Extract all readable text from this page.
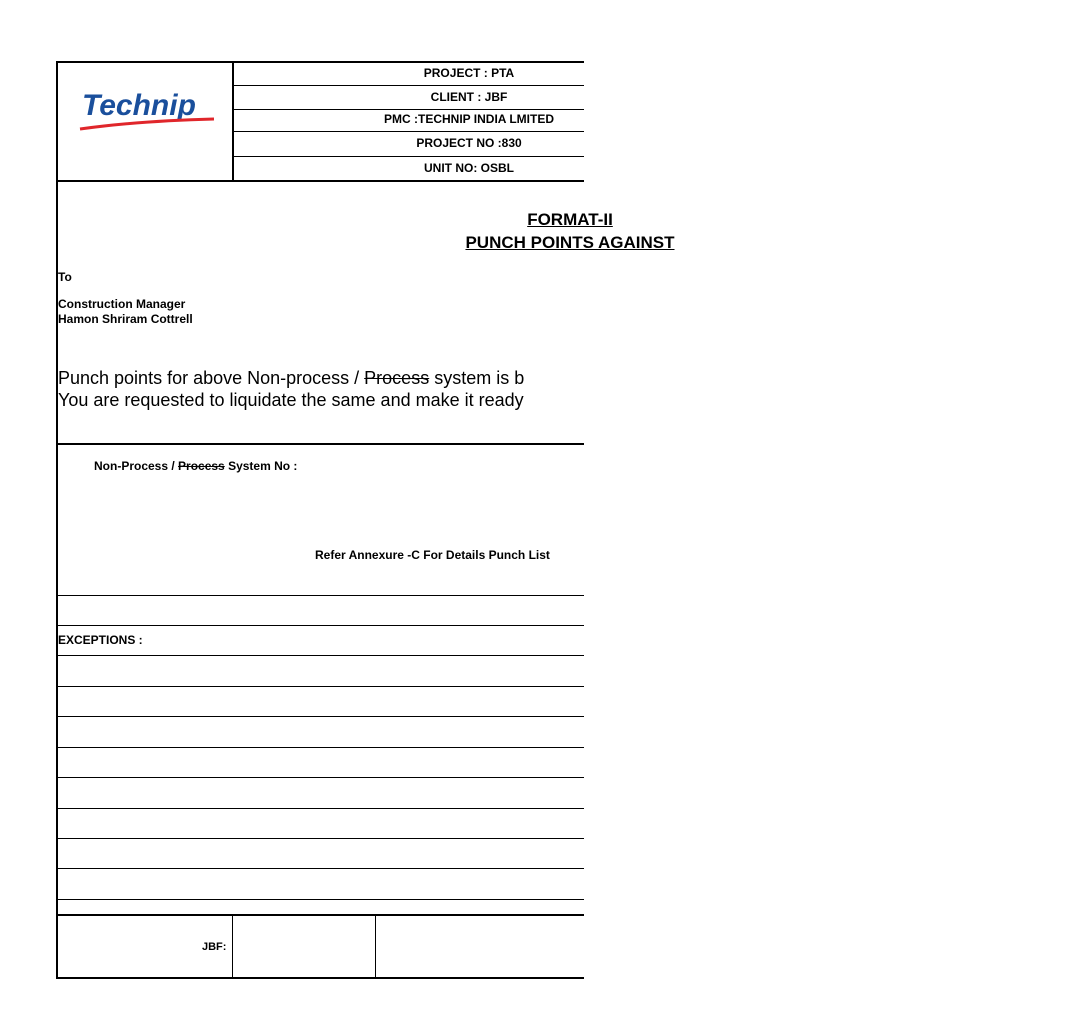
Technip
PROJECT : PTA
CLIENT : JBF
PMC :TECHNIP INDIA LMITED
PROJECT NO :830
UNIT NO: OSBL
FORMAT-II
PUNCH POINTS AGAINST
To
Construction Manager
Hamon Shriram Cottrell
Punch points for above Non-process / Process system is b
You are requested to liquidate the same and make it ready
Non-Process / Process System No :
Refer Annexure -C For Details Punch List
EXCEPTIONS :
JBF:
